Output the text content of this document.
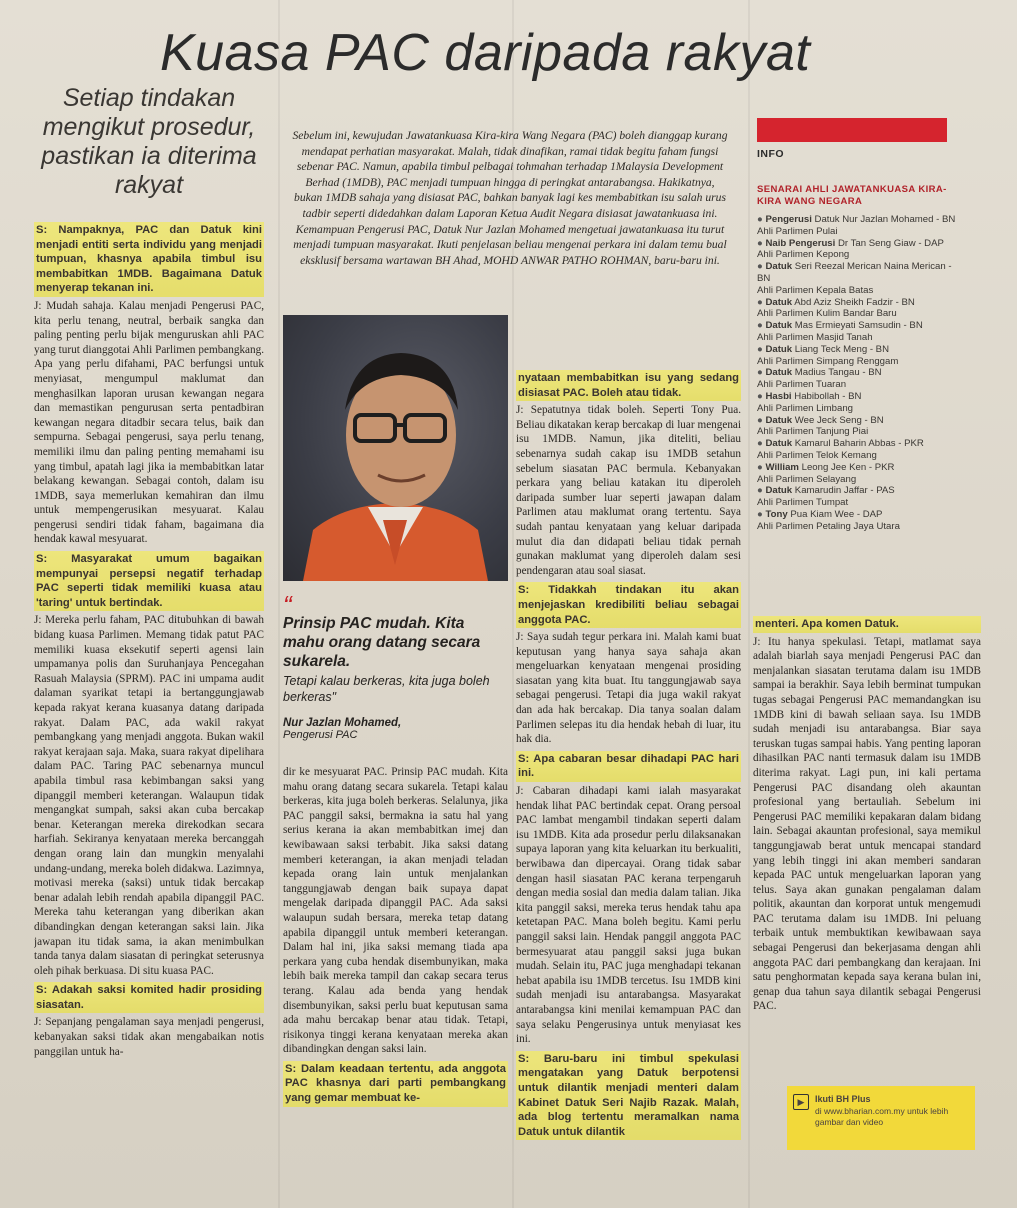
Kuasa PAC daripada rakyat
Setiap tindakan mengikut prosedur, pastikan ia diterima rakyat
Sebelum ini, kewujudan Jawatankuasa Kira-kira Wang Negara (PAC) boleh dianggap kurang mendapat perhatian masyarakat. Malah, tidak dinafikan, ramai tidak begitu faham fungsi sebenar PAC. Namun, apabila timbul pelbagai tohmahan terhadap 1Malaysia Development Berhad (1MDB), PAC menjadi tumpuan hingga di peringkat antarabangsa. Hakikatnya, bukan 1MDB sahaja yang disiasat PAC, bahkan banyak lagi kes membabitkan isu salah urus tadbir seperti didedahkan dalam Laporan Ketua Audit Negara disiasat jawatankuasa ini. Kemampuan Pengerusi PAC, Datuk Nur Jazlan Mohamed mengetuai jawatankuasa itu turut menjadi tumpuan masyarakat. Ikuti penjelasan beliau mengenai perkara ini dalam temu bual eksklusif bersama wartawan BH Ahad, MOHD ANWAR PATHO ROHMAN, baru-baru ini.
S: Nampaknya, PAC dan Datuk kini menjadi entiti serta individu yang menjadi tumpuan, khasnya apabila timbul isu membabitkan 1MDB. Bagaimana Datuk menyerap tekanan ini.

J: Mudah sahaja. Kalau menjadi Pengerusi PAC, kita perlu tenang, neutral, berbaik sangka dan paling penting perlu bijak menguruskan ahli PAC yang turut dianggotai Ahli Parlimen pembangkang. Apa yang perlu difahami, PAC berfungsi untuk menyiasat, mengumpul maklumat dan menghasilkan laporan urusan kewangan negara dan memastikan pengurusan serta pentadbiran kewangan negara ditadbir secara telus, baik dan sempurna. Sebagai pengerusi, saya perlu tenang, memiliki ilmu dan paling penting memahami isu yang timbul, apatah lagi jika ia membabitkan latar belakang kewangan. Sebagai contoh, dalam isu 1MDB, saya memerlukan kemahiran dan ilmu untuk mempengerusikan mesyuarat. Kalau pengerusi sendiri tidak faham, bagaimana dia hendak kawal mesyuarat.

S: Masyarakat umum bagaikan mempunyai persepsi negatif terhadap PAC seperti tidak memiliki kuasa atau 'taring' untuk bertindak.

J: Mereka perlu faham, PAC ditubuhkan di bawah bidang kuasa Parlimen. Memang tidak patut PAC memiliki kuasa eksekutif seperti agensi lain umpamanya polis dan Suruhanjaya Pencegahan Rasuah Malaysia (SPRM). PAC ini umpama audit dalaman syarikat tetapi ia bertanggungjawab kepada rakyat kerana kuasanya datang daripada rakyat. Dalam PAC, ada wakil rakyat pembangkang yang menjadi anggota. Bukan wakil rakyat kerajaan saja. Maka, suara rakyat dipelihara dalam PAC. Taring PAC sebenarnya muncul apabila timbul rasa kebimbangan saksi yang dipanggil memberi keterangan. Walaupun tidak mengangkat sumpah, saksi akan cuba bercakap benar. Keterangan mereka direkodkan secara harfiah. Sekiranya kenyataan mereka bercanggah dengan orang lain dan mungkin menyalahi undang-undang, mereka boleh didakwa. Lazimnya, motivasi mereka (saksi) untuk tidak bercakap benar adalah lebih rendah apabila dipanggil PAC. Mereka tahu keterangan yang diberikan akan dibandingkan dengan keterangan saksi lain. Jika jawapan itu tidak sama, ia akan menimbulkan tanda tanya dalam siasatan di peringkat seterusnya oleh pihak berkuasa. Di situ kuasa PAC.

S: Adakah saksi komited hadir prosiding siasatan.

J: Sepanjang pengalaman saya menjadi pengerusi, kebanyakan saksi tidak akan mengabaikan notis panggilan untuk ha-

“
Prinsip PAC mudah. Kita mahu orang datang secara sukarela.
Tetapi kalau berkeras, kita juga boleh berkeras"
Nur Jazlan Mohamed,
Pengerusi PAC

dir ke mesyuarat PAC. Prinsip PAC mudah. Kita mahu orang datang secara sukarela. Tetapi kalau berkeras, kita juga boleh berkeras. Selalunya, jika PAC panggil saksi, bermakna ia satu hal yang serius kerana ia akan membabitkan imej dan kewibawaan saksi terbabit. Jika saksi datang memberi keterangan, ia akan menjadi teladan kepada orang lain untuk menjalankan tanggungjawab dengan baik supaya dapat mengelak daripada dipanggil PAC. Ada saksi walaupun sudah bersara, mereka tetap datang apabila dipanggil untuk memberi keterangan. Dalam hal ini, jika saksi memang tiada apa perkara yang cuba hendak disembunyikan, maka lebih baik mereka tampil dan cakap secara terus terang. Kalau ada benda yang hendak disembunyikan, saksi perlu buat keputusan sama ada mahu bercakap benar atau tidak. Tetapi, risikonya tinggi kerana kenyataan mereka akan dibandingkan dengan saksi lain.

S: Dalam keadaan tertentu, ada anggota PAC khasnya dari parti pembangkang yang gemar membuat ke-
nyataan membabitkan isu yang sedang disiasat PAC. Boleh atau tidak.

J: Sepatutnya tidak boleh. Seperti Tony Pua. Beliau dikatakan kerap bercakap di luar mengenai isu 1MDB. Namun, jika diteliti, beliau sebenarnya sudah cakap isu 1MDB setahun sebelum siasatan PAC bermula. Kebanyakan perkara yang beliau katakan itu diperoleh daripada sumber luar seperti jawapan dalam Parlimen atau maklumat orang tertentu. Saya sudah pantau kenyataan yang keluar daripada mulut dia dan didapati beliau tidak pernah gunakan maklumat yang diperoleh dalam sesi pendengaran atau soal siasat.

S: Tidakkah tindakan itu akan menjejaskan kredibiliti beliau sebagai anggota PAC.

J: Saya sudah tegur perkara ini. Malah kami buat keputusan yang hanya saya sahaja akan mengeluarkan kenyataan mengenai prosiding siasatan yang kita buat. Itu tanggungjawab saya sebagai pengerusi. Tetapi dia juga wakil rakyat dan ada hak bercakap. Dia tanya soalan dalam Parlimen selepas itu dia hendak hebah di luar, itu hak dia.

S: Apa cabaran besar dihadapi PAC hari ini.

J: Cabaran dihadapi kami ialah masyarakat hendak lihat PAC bertindak cepat. Orang persoal PAC lambat mengambil tindakan seperti dalam isu 1MDB. Kita ada prosedur perlu dilaksanakan supaya laporan yang kita keluarkan itu berkualiti, berwibawa dan dipercayai. Orang tidak sabar dengan hasil siasatan PAC kerana terpengaruh dengan media sosial dan media dalam talian. Jika kita panggil saksi, mereka terus hendak tahu apa ketetapan PAC. Mana boleh begitu. Kami perlu panggil saksi lain. Hendak panggil anggota PAC bermesyuarat atau panggil saksi juga bukan mudah. Selain itu, PAC juga menghadapi tekanan hebat apabila isu 1MDB tercetus. Isu 1MDB kini sudah menjadi isu antarabangsa. Masyarakat antarabangsa kini menilai kemampuan PAC dan saya selaku Pengerusinya untuk menyiasat kes ini.

S: Baru-baru ini timbul spekulasi mengatakan yang Datuk berpotensi untuk dilantik menjadi menteri dalam Kabinet Datuk Seri Najib Razak. Malah, ada blog tertentu meramalkan nama Datuk untuk dilantik
INFO
SENARAI AHLI JAWATANKUASA KIRA-KIRA WANG NEGARA
● Pengerusi Datuk Nur Jazlan Mohamed - BN
Ahli Parlimen Pulai
● Naib Pengerusi Dr Tan Seng Giaw - DAP
Ahli Parlimen Kepong
● Datuk Seri Reezal Merican Naina Merican - BN
Ahli Parlimen Kepala Batas
● Datuk Abd Aziz Sheikh Fadzir - BN
Ahli Parlimen Kulim Bandar Baru
● Datuk Mas Ermieyati Samsudin - BN
Ahli Parlimen Masjid Tanah
● Datuk Liang Teck Meng - BN
Ahli Parlimen Simpang Renggam
● Datuk Madius Tangau - BN
Ahli Parlimen Tuaran
● Hasbi Habibollah - BN
Ahli Parlimen Limbang
● Datuk Wee Jeck Seng - BN
Ahli Parlimen Tanjung Piai
● Datuk Kamarul Baharin Abbas - PKR
Ahli Parlimen Telok Kemang
● William Leong Jee Ken - PKR
Ahli Parlimen Selayang
● Datuk Kamarudin Jaffar - PAS
Ahli Parlimen Tumpat
● Tony Pua Kiam Wee - DAP
Ahli Parlimen Petaling Jaya Utara
menteri. Apa komen Datuk.

J: Itu hanya spekulasi. Tetapi, matlamat saya adalah biarlah saya menjadi Pengerusi PAC dan menjalankan siasatan terutama dalam isu 1MDB sampai ia berakhir. Saya lebih berminat tumpukan tugas sebagai Pengerusi PAC memandangkan isu 1MDB kini di bawah seliaan saya. Isu 1MDB sudah menjadi isu antarabangsa. Biar saya teruskan tugas sampai habis. Yang penting laporan dihasilkan PAC nanti termasuk dalam isu 1MDB diterima rakyat. Lagi pun, ini kali pertama Pengerusi PAC disandang oleh akauntan profesional yang bertauliah. Sebelum ini Pengerusi PAC memiliki kepakaran dalam bidang lain. Sebagai akauntan profesional, saya memikul tanggungjawab berat untuk mencapai standard yang lebih tinggi ini akan memberi sandaran kepada PAC untuk mengeluarkan laporan yang telus. Saya akan gunakan pengalaman dalam politik, akauntan dan korporat untuk mengemudi PAC terutama dalam isu 1MDB. Ini peluang terbaik untuk membuktikan kewibawaan saya sebagai Pengerusi dan bekerjasama dengan ahli anggota PAC dari pembangkang dan kerajaan. Ini satu penghormatan kepada saya kerana bulan ini, genap dua tahun saya dilantik sebagai Pengerusi PAC.

▶	Ikuti BH Plus
di www.bharian.com.my untuk lebih gambar dan video
